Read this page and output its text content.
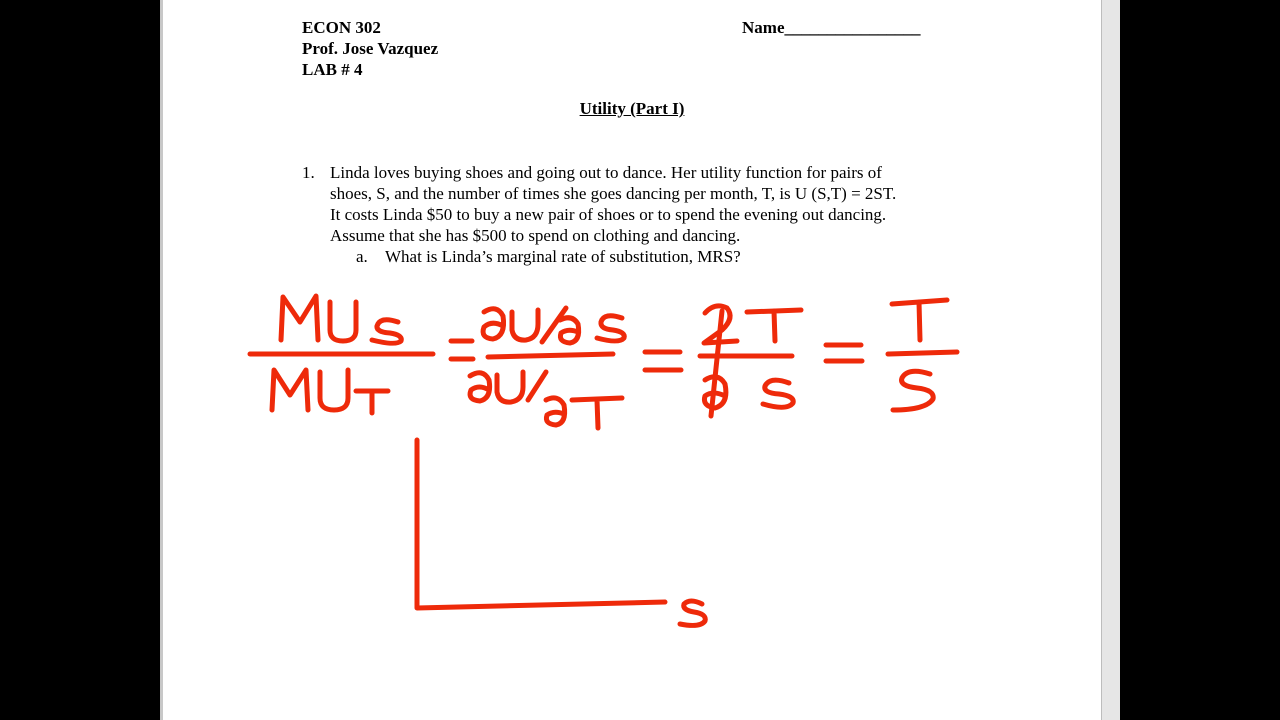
ECON 302
Prof. Jose Vazquez
LAB # 4
Name________________
Utility (Part I)
1. Linda loves buying shoes and going out to dance. Her utility function for pairs of
shoes, S, and the number of times she goes dancing per month, T, is U (S,T) = 2ST.
It costs Linda $50 to buy a new pair of shoes or to spend the evening out dancing.
Assume that she has $500 to spend on clothing and dancing.
a. What is Linda’s marginal rate of substitution, MRS?
